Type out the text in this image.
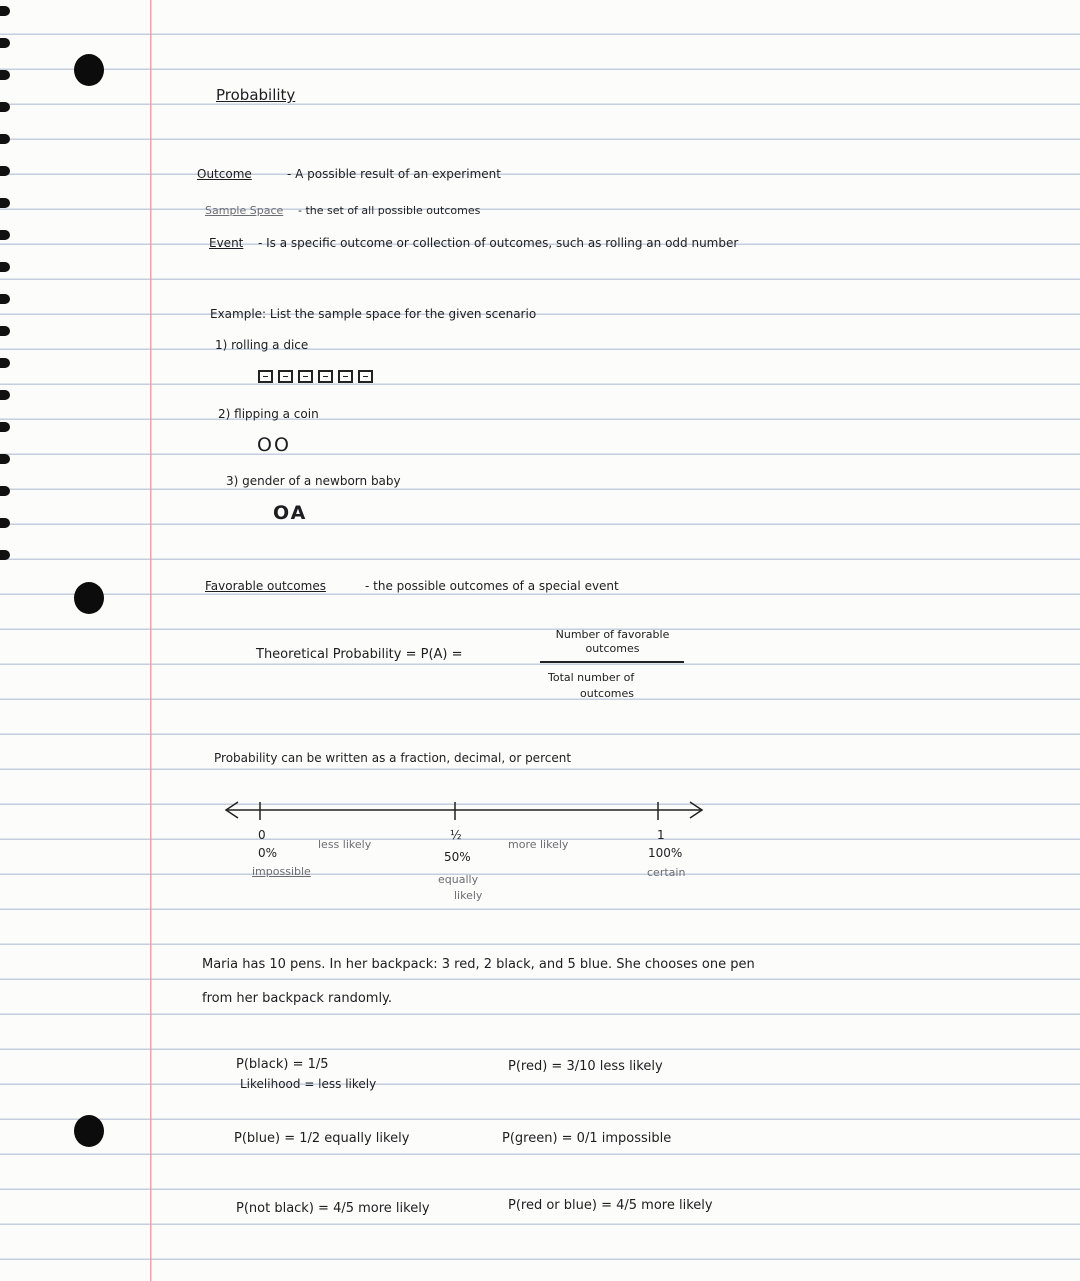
Probability
Outcome	- A possible result of an experiment
Sample Space - the set of all possible outcomes
Event - Is a specific outcome or collection of outcomes, such as rolling an odd number
Example: List the sample space for the given scenario
1) rolling a dice
2) flipping a coin
OO
3) gender of a newborn baby
OA
Favorable outcomes	- the possible outcomes of a special event
Theoretical Probability = P(A) =
Number of favorable outcomes
Total number of
outcomes
Probability can be written as a fraction, decimal, or percent
0
0%
impossible
less likely
½
50%
equally
likely
more likely
1
100%
certain
Maria has 10 pens. In her backpack: 3 red, 2 black, and 5 blue. She chooses one pen
from her backpack randomly.
P(black) = 1/5
Likelihood = less likely
P(red) = 3/10 less likely
P(blue) = 1/2 equally likely	P(green) = 0/1 impossible
P(not black) = 4/5 more likely	P(red or blue) = 4/5 more likely
